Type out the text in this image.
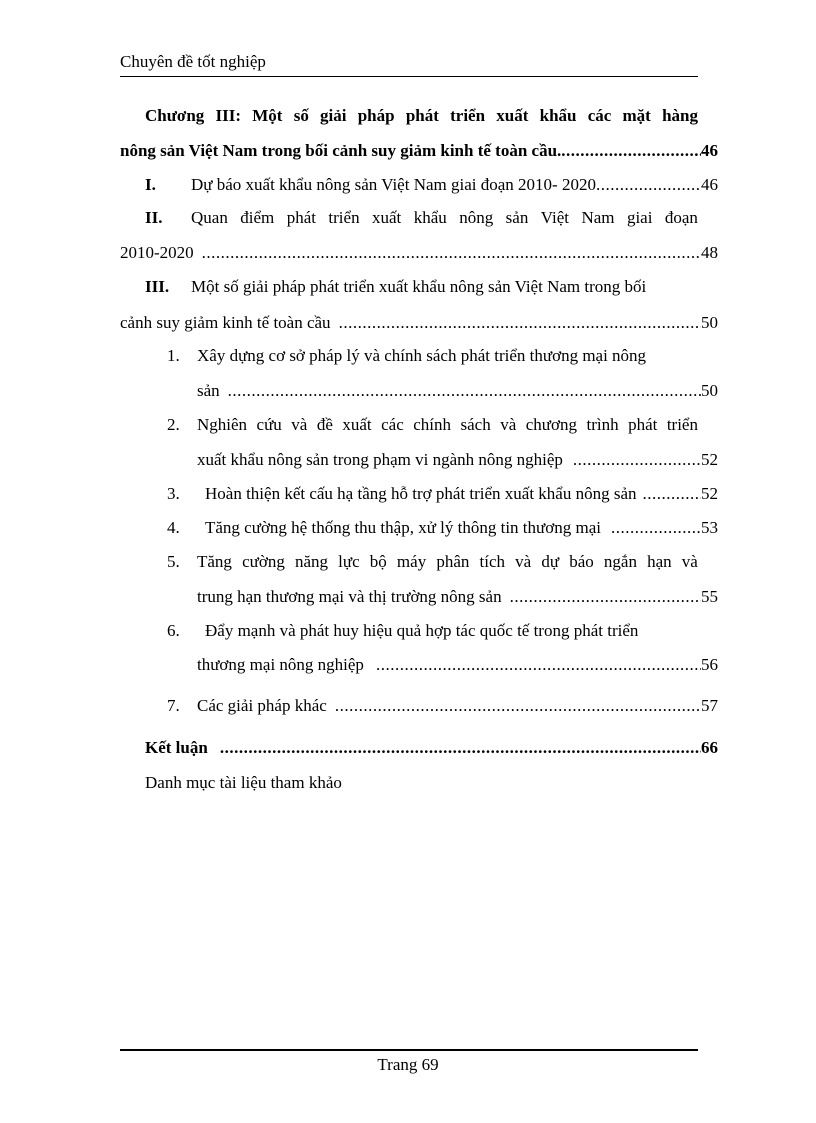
Chuyên đề tốt nghiệp
Chương III: Một số giải pháp phát triển xuất khẩu các mặt hàng
nông sản Việt Nam trong bối cảnh suy giảm kinh tế toàn cầu. .....	46
I.	Dự báo xuất khẩu nông sản Việt Nam giai đoạn 2010- 2020 .....	46
II.	Quan điểm phát triển xuất khẩu nông sản Việt Nam giai đoạn
2010-2020 .....	48
III.	Một số giải pháp phát triển xuất khẩu nông sản Việt Nam trong bối
cảnh suy giảm kinh tế toàn cầu .....	50
1.	Xây dựng cơ sở pháp lý và chính sách phát triển thương mại nông
sản .....	50
2.	Nghiên cứu và đề xuất các chính sách và chương trình phát triển
xuất khẩu nông sản trong phạm vi ngành nông nghiệp .....	52
3.	Hoàn thiện kết cấu hạ tầng hỗ trợ phát triển xuất khẩu nông sản .....	52
4.	Tăng cường hệ thống thu thập, xử lý thông tin thương mại .....	53
5.	Tăng cường năng lực bộ máy phân tích và dự báo ngắn hạn và
trung hạn thương mại và thị trường nông sản .....	55
6.	Đẩy mạnh và phát huy hiệu quả hợp tác quốc tế trong phát triển
thương mại nông nghiệp .....	56
7.	Các giải pháp khác .....	57
Kết luận .....	66
Danh mục tài liệu tham khảo
Trang 69
